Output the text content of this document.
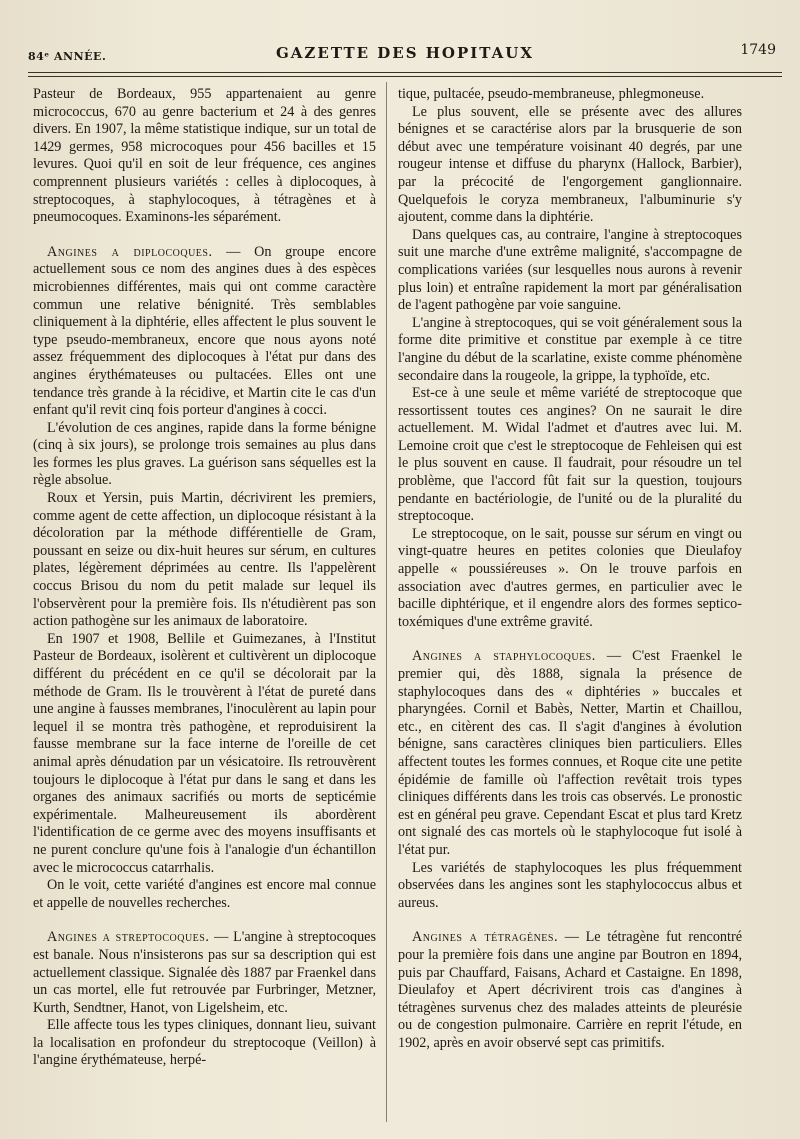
84ᵉ ANNÉE.	GAZETTE DES HOPITAUX	1749

Pasteur de Bordeaux, 955 appartenaient au genre micrococcus, 670 au genre bacterium et 24 à des genres divers. En 1907, la même statistique indique, sur un total de 1429 germes, 958 microcoques pour 456 bacilles et 15 levures. Quoi qu'il en soit de leur fréquence, ces angines comprennent plusieurs variétés : celles à diplocoques, à streptocoques, à staphylocoques, à tétragènes et à pneumocoques. Examinons-les séparément.

Angines a diplocoques. — On groupe encore actuellement sous ce nom des angines dues à des espèces microbiennes différentes, mais qui ont comme caractère commun une relative bénignité. Très semblables cliniquement à la diphtérie, elles affectent le plus souvent le type pseudo-membraneux, encore que nous ayons noté assez fréquemment des diplocoques à l'état pur dans des angines érythémateuses ou pultacées. Elles ont une tendance très grande à la récidive, et Martin cite le cas d'un enfant qu'il revit cinq fois porteur d'angines à cocci.

L'évolution de ces angines, rapide dans la forme bénigne (cinq à six jours), se prolonge trois semaines au plus dans les formes les plus graves. La guérison sans séquelles est la règle absolue.

Roux et Yersin, puis Martin, décrivirent les premiers, comme agent de cette affection, un diplocoque résistant à la décoloration par la méthode différentielle de Gram, poussant en seize ou dix-huit heures sur sérum, en cultures plates, légèrement déprimées au centre. Ils l'appelèrent coccus Brisou du nom du petit malade sur lequel ils l'observèrent pour la première fois. Ils n'étudièrent pas son action pathogène sur les animaux de laboratoire.

En 1907 et 1908, Bellile et Guimezanes, à l'Institut Pasteur de Bordeaux, isolèrent et cultivèrent un diplocoque différent du précédent en ce qu'il se décolorait par la méthode de Gram. Ils le trouvèrent à l'état de pureté dans une angine à fausses membranes, l'inoculèrent au lapin pour lequel il se montra très pathogène, et reproduisirent la fausse membrane sur la face interne de l'oreille de cet animal après dénudation par un vésicatoire. Ils retrouvèrent toujours le diplocoque à l'état pur dans le sang et dans les organes des animaux sacrifiés ou morts de septicémie expérimentale. Malheureusement ils abordèrent l'identification de ce germe avec des moyens insuffisants et ne purent conclure qu'une fois à l'analogie d'un échantillon avec le micrococcus catarrhalis.

On le voit, cette variété d'angines est encore mal connue et appelle de nouvelles recherches.

Angines a streptocoques. — L'angine à streptocoques est banale. Nous n'insisterons pas sur sa description qui est actuellement classique. Signalée dès 1887 par Fraenkel dans un cas mortel, elle fut retrouvée par Furbringer, Metzner, Kurth, Sendtner, Hanot, von Ligelsheim, etc.

Elle affecte tous les types cliniques, donnant lieu, suivant la localisation en profondeur du streptocoque (Veillon) à l'angine érythémateuse, herpé-

tique, pultacée, pseudo-membraneuse, phlegmoneuse.

Le plus souvent, elle se présente avec des allures bénignes et se caractérise alors par la brusquerie de son début avec une température voisinant 40 degrés, par une rougeur intense et diffuse du pharynx (Hallock, Barbier), par la précocité de l'engorgement ganglionnaire. Quelquefois le coryza membraneux, l'albuminurie s'y ajoutent, comme dans la diphtérie.

Dans quelques cas, au contraire, l'angine à streptocoques suit une marche d'une extrême malignité, s'accompagne de complications variées (sur lesquelles nous aurons à revenir plus loin) et entraîne rapidement la mort par généralisation de l'agent pathogène par voie sanguine.

L'angine à streptocoques, qui se voit généralement sous la forme dite primitive et constitue par exemple à ce titre l'angine du début de la scarlatine, existe comme phénomène secondaire dans la rougeole, la grippe, la typhoïde, etc.

Est-ce à une seule et même variété de streptocoque que ressortissent toutes ces angines? On ne saurait le dire actuellement. M. Widal l'admet et d'autres avec lui. M. Lemoine croit que c'est le streptocoque de Fehleisen qui est le plus souvent en cause. Il faudrait, pour résoudre un tel problème, que l'accord fût fait sur la question, toujours pendante en bactériologie, de l'unité ou de la pluralité du streptocoque.

Le streptocoque, on le sait, pousse sur sérum en vingt ou vingt-quatre heures en petites colonies que Dieulafoy appelle « poussiéreuses ». On le trouve parfois en association avec d'autres germes, en particulier avec le bacille diphtérique, et il engendre alors des formes septico-toxémiques d'une extrême gravité.

Angines a staphylocoques. — C'est Fraenkel le premier qui, dès 1888, signala la présence de staphylocoques dans des « diphtéries » buccales et pharyngées. Cornil et Babès, Netter, Martin et Chaillou, etc., en citèrent des cas. Il s'agit d'angines à évolution bénigne, sans caractères cliniques bien particuliers. Elles affectent toutes les formes connues, et Roque cite une petite épidémie de famille où l'affection revêtait trois types cliniques différents dans les trois cas observés. Le pronostic est en général peu grave. Cependant Escat et plus tard Kretz ont signalé des cas mortels où le staphylocoque fut isolé à l'état pur.

Les variétés de staphylocoques les plus fréquemment observées dans les angines sont les staphylococcus albus et aureus.

Angines a tétragènes. — Le tétragène fut rencontré pour la première fois dans une angine par Boutron en 1894, puis par Chauffard, Faisans, Achard et Castaigne. En 1898, Dieulafoy et Apert décrivirent trois cas d'angines à tétragènes survenus chez des malades atteints de pleurésie ou de congestion pulmonaire. Carrière en reprit l'étude, en 1902, après en avoir observé sept cas primitifs.
